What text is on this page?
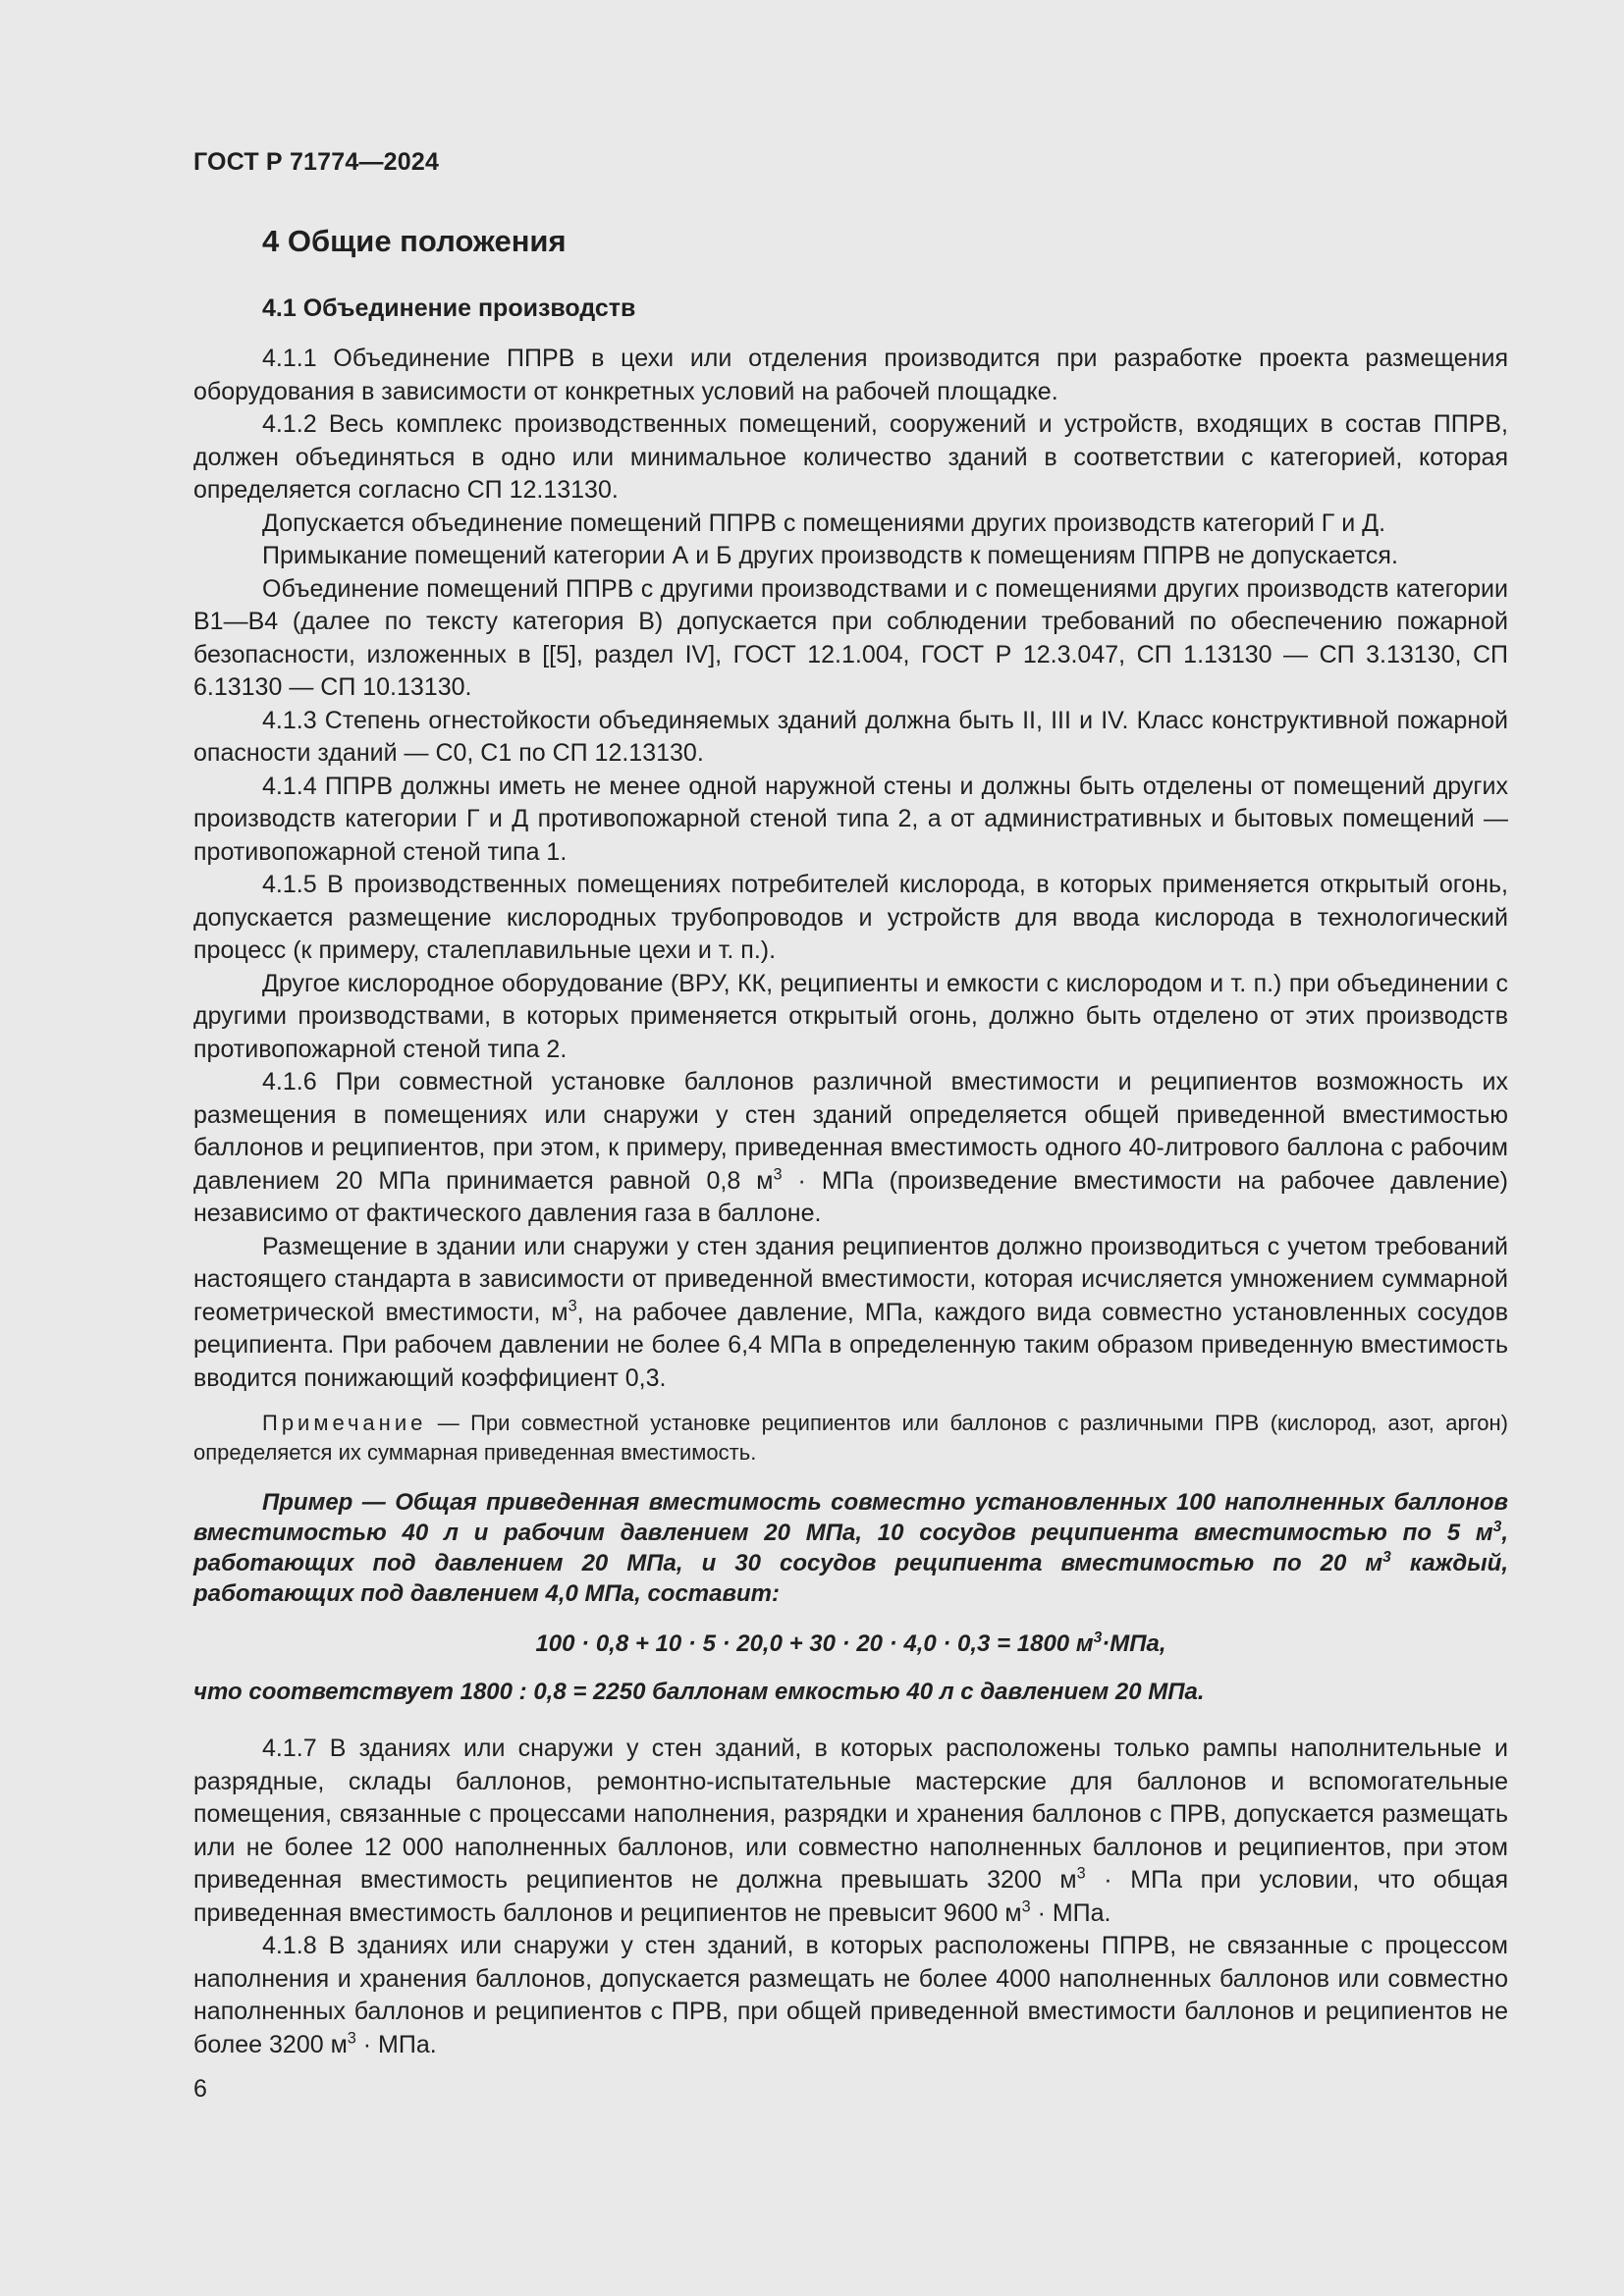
ГОСТ Р 71774—2024
4 Общие положения
4.1 Объединение производств

4.1.1 Объединение ППРВ в цехи или отделения производится при разработке проекта размещения оборудования в зависимости от конкретных условий на рабочей площадке.

4.1.2 Весь комплекс производственных помещений, сооружений и устройств, входящих в состав ППРВ, должен объединяться в одно или минимальное количество зданий в соответствии с категорией, которая определяется согласно СП 12.13130.

Допускается объединение помещений ППРВ с помещениями других производств категорий Г и Д.

Примыкание помещений категории А и Б других производств к помещениям ППРВ не допускается.

Объединение помещений ППРВ с другими производствами и с помещениями других производств категории В1—В4 (далее по тексту категория В) допускается при соблюдении требований по обеспечению пожарной безопасности, изложенных в [[5], раздел IV], ГОСТ 12.1.004, ГОСТ Р 12.3.047, СП 1.13130 — СП 3.13130, СП 6.13130 — СП 10.13130.

4.1.3 Степень огнестойкости объединяемых зданий должна быть II, III и IV. Класс конструктивной пожарной опасности зданий — С0, С1 по СП 12.13130.

4.1.4 ППРВ должны иметь не менее одной наружной стены и должны быть отделены от помещений других производств категории Г и Д противопожарной стеной типа 2, а от административных и бытовых помещений — противопожарной стеной типа 1.

4.1.5 В производственных помещениях потребителей кислорода, в которых применяется открытый огонь, допускается размещение кислородных трубопроводов и устройств для ввода кислорода в технологический процесс (к примеру, сталеплавильные цехи и т. п.).

Другое кислородное оборудование (ВРУ, КК, реципиенты и емкости с кислородом и т. п.) при объединении с другими производствами, в которых применяется открытый огонь, должно быть отделено от этих производств противопожарной стеной типа 2.

4.1.6 При совместной установке баллонов различной вместимости и реципиентов возможность их размещения в помещениях или снаружи у стен зданий определяется общей приведенной вместимостью баллонов и реципиентов, при этом, к примеру, приведенная вместимость одного 40-литрового баллона с рабочим давлением 20 МПа принимается равной 0,8 $м^3$ · МПа (произведение вместимости на рабочее давление) независимо от фактического давления газа в баллоне.

Размещение в здании или снаружи у стен здания реципиентов должно производиться с учетом требований настоящего стандарта в зависимости от приведенной вместимости, которая исчисляется умножением суммарной геометрической вместимости, $м^3$, на рабочее давление, МПа, каждого вида совместно установленных сосудов реципиента. При рабочем давлении не более 6,4 МПа в определенную таким образом приведенную вместимость вводится понижающий коэффициент 0,3.

Примечание — При совместной установке реципиентов или баллонов с различными ПРВ (кислород, азот, аргон) определяется их суммарная приведенная вместимость.

Пример — Общая приведенная вместимость совместно установленных 100 наполненных баллонов вместимостью 40 л и рабочим давлением 20 МПа, 10 сосудов реципиента вместимостью по 5 $м^3$, работающих под давлением 20 МПа, и 30 сосудов реципиента вместимостью по 20 $м^3$ каждый, работающих под давлением 4,0 МПа, составит:

100 · 0,8 + 10 · 5 · 20,0 + 30 · 20 · 4,0 · 0,3 = 1800 $м^3\cdot МПа$,

что соответствует 1800 : 0,8 = 2250 баллонам емкостью 40 л с давлением 20 МПа.

4.1.7 В зданиях или снаружи у стен зданий, в которых расположены только рампы наполнительные и разрядные, склады баллонов, ремонтно-испытательные мастерские для баллонов и вспомогательные помещения, связанные с процессами наполнения, разрядки и хранения баллонов с ПРВ, допускается размещать или не более 12 000 наполненных баллонов, или совместно наполненных баллонов и реципиентов, при этом приведенная вместимость реципиентов не должна превышать 3200 $м^3$ · МПа при условии, что общая приведенная вместимость баллонов и реципиентов не превысит 9600 $м^3$ · МПа.

4.1.8 В зданиях или снаружи у стен зданий, в которых расположены ППРВ, не связанные с процессом наполнения и хранения баллонов, допускается размещать не более 4000 наполненных баллонов или совместно наполненных баллонов и реципиентов с ПРВ, при общей приведенной вместимости баллонов и реципиентов не более 3200 $м^3$ · МПа.

6
